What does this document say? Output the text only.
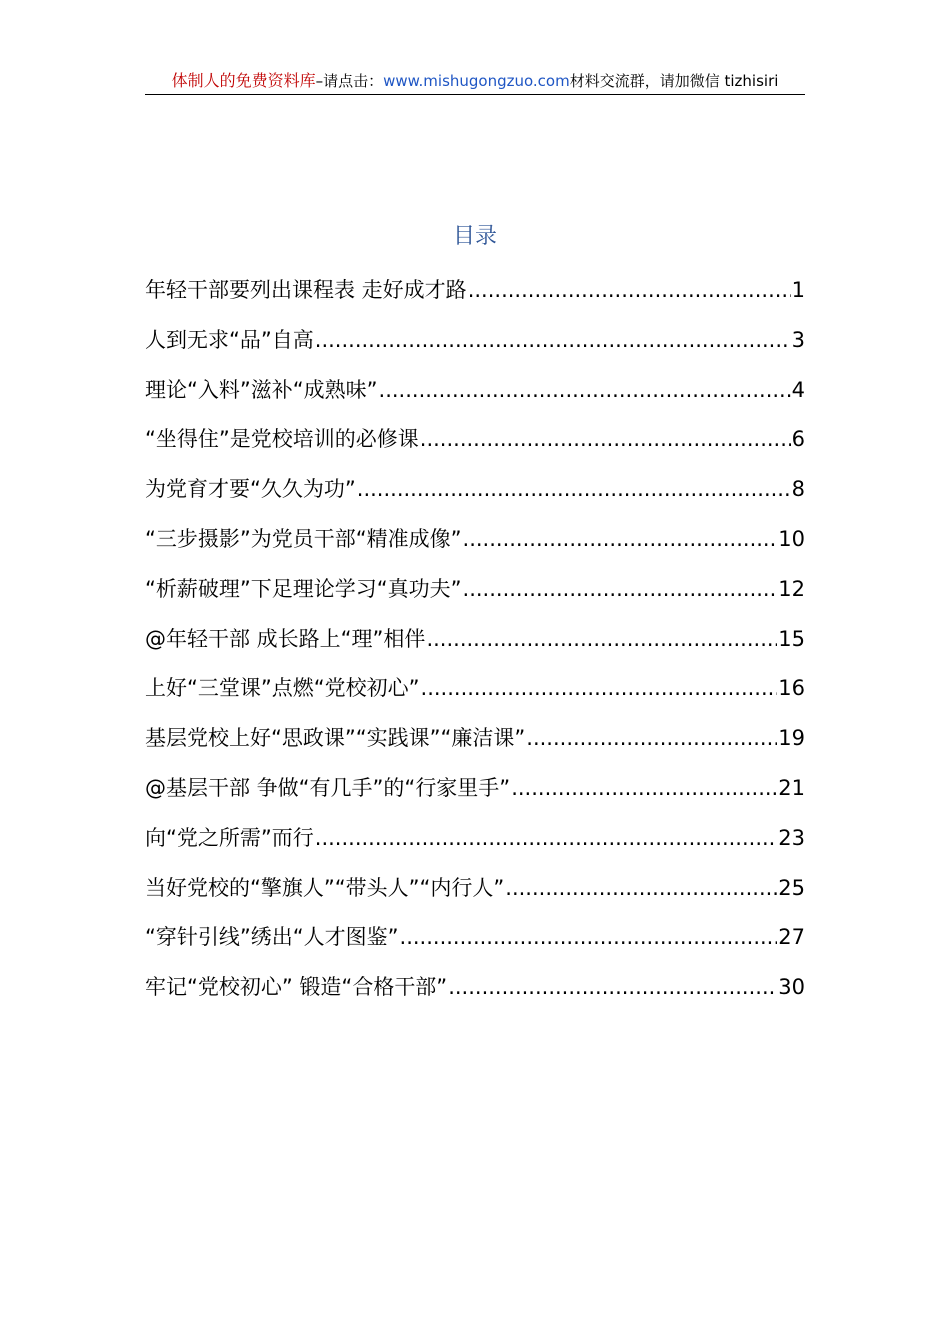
体制人的免费资料库–请点击：www.mishugongzuo.com材料交流群，请加微信 tizhisiri
目录
年轻干部要列出课程表 走好成才路 .....	1
人到无求“品”自高 .....	3
理论“入料”滋补“成熟味” .....	4
“坐得住”是党校培训的必修课 .....	6
为党育才要“久久为功” .....	8
“三步摄影”为党员干部“精准成像” .....	10
“析薪破理”下足理论学习“真功夫” .....	12
@年轻干部 成长路上“理”相伴 .....	15
上好“三堂课”点燃“党校初心” .....	16
基层党校上好“思政课”“实践课”“廉洁课” .....	19
@基层干部 争做“有几手”的“行家里手” .....	21
向“党之所需”而行 .....	23
当好党校的“擎旗人”“带头人”“内行人” .....	25
“穿针引线”绣出“人才图鉴” .....	27
牢记“党校初心” 锻造“合格干部” .....	30
